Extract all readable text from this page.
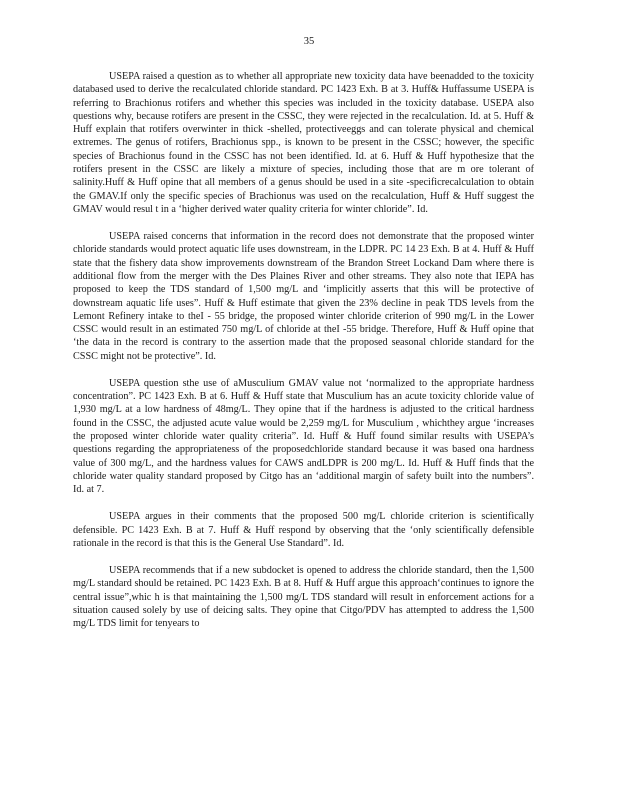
35

USEPA raised a question as to whether all appropriate new toxicity data have beenadded to the toxicity databased used to derive the recalculated chloride standard. PC 1423 Exh. B at 3. Huff& Huffassume USEPA is referring to Brachionus rotifers and whether this species was included in the toxicity database. USEPA also questions why, because rotifers are present in the CSSC, they were rejected in the recalculation. Id. at 5. Huff & Huff explain that rotifers overwinter in thick -shelled, protectiveeggs and can tolerate physical and chemical extremes. The genus of rotifers, Brachionus spp., is known to be present in the CSSC; however, the specific species of Brachionus found in the CSSC has not been identified. Id. at 6. Huff & Huff hypothesize that the rotifers present in the CSSC are likely a mixture of species, including those that are m ore tolerant of salinity.Huff & Huff opine that all members of a genus should be used in a site -specificrecalculation to obtain the GMAV.If only the specific species of Brachionus was used on the recalculation, Huff & Huff suggest the GMAV would resul t in a ‘higher derived water quality criteria for winter chloride”. Id.

USEPA raised concerns that information in the record does not demonstrate that the proposed winter chloride standards would protect aquatic life uses downstream, in the LDPR. PC 14 23 Exh. B at 4. Huff & Huff state that the fishery data show improvements downstream of the Brandon Street Lockand Dam where there is additional flow from the merger with the Des Plaines River and other streams. They also note that IEPA has proposed to keep the TDS standard of 1,500 mg/L and ‘implicitly asserts that this will be protective of downstream aquatic life uses”. Huff & Huff estimate that given the 23% decline in peak TDS levels from the Lemont Refinery intake to theI - 55 bridge, the proposed winter chloride criterion of 990 mg/L in the Lower CSSC would result in an estimated 750 mg/L of chloride at theI -55 bridge. Therefore, Huff & Huff opine that ‘the data in the record is contrary to the assertion made that the proposed seasonal chloride standard for the CSSC might not be protective”. Id.

USEPA question sthe use of aMusculium GMAV value not ‘normalized to the appropriate hardness concentration”. PC 1423 Exh. B at 6. Huff & Huff state that Musculium has an acute toxicity chloride value of 1,930 mg/L at a low hardness of 48mg/L. They opine that if the hardness is adjusted to the critical hardness found in the CSSC, the adjusted acute value would be 2,259 mg/L for Musculium , whichthey argue ‘increases the proposed winter chloride water quality criteria”. Id. Huff & Huff found similar results with USEPA’s questions regarding the appropriateness of the proposedchloride standard because it was based ona hardness value of 300 mg/L, and the hardness values for CAWS andLDPR is 200 mg/L. Id. Huff & Huff finds that the chloride water quality standard proposed by Citgo has an ‘additional margin of safety built into the numbers”. Id. at 7.

USEPA argues in their comments that the proposed 500 mg/L chloride criterion is scientifically defensible. PC 1423 Exh. B at 7. Huff & Huff respond by observing that the ‘only scientifically defensible rationale in the record is that this is the General Use Standard”. Id.

USEPA recommends that if a new subdocket is opened to address the chloride standard, then the 1,500 mg/L standard should be retained. PC 1423 Exh. B at 8. Huff & Huff argue this approach‘continues to ignore the central issue”,whic h is that maintaining the 1,500 mg/L TDS standard will result in enforcement actions for a situation caused solely by use of deicing salts. They opine that Citgo/PDV has attempted to address the 1,500 mg/L TDS limit for tenyears to
